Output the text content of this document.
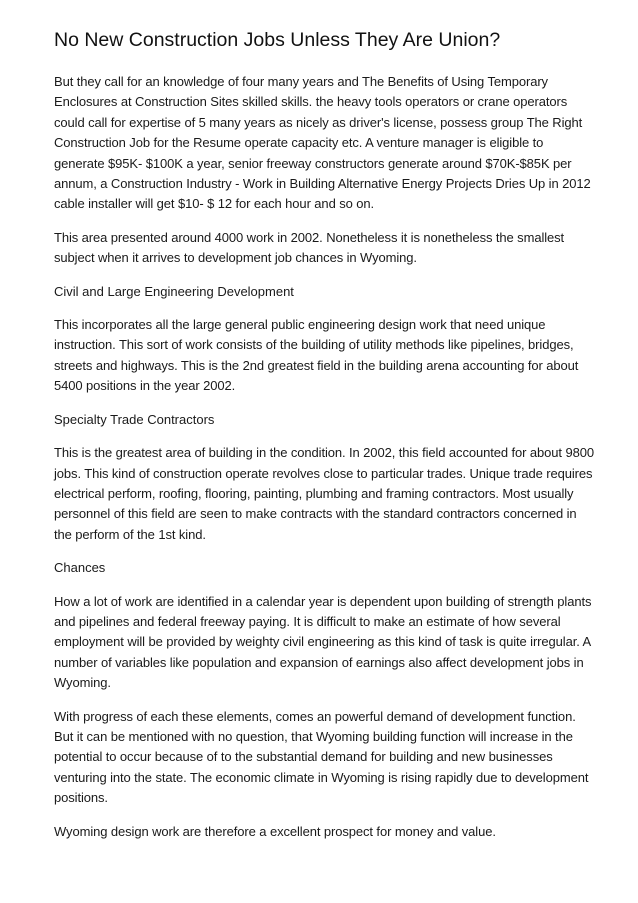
No New Construction Jobs Unless They Are Union?

But they call for an knowledge of four many years and The Benefits of Using Temporary Enclosures at Construction Sites skilled skills. the heavy tools operators or crane operators could call for expertise of 5 many years as nicely as driver's license, possess group The Right Construction Job for the Resume operate capacity etc. A venture manager is eligible to generate $95K- $100K a year, senior freeway constructors generate around $70K-$85K per annum, a Construction Industry - Work in Building Alternative Energy Projects Dries Up in 2012 cable installer will get $10- $ 12 for each hour and so on.

This area presented around 4000 work in 2002. Nonetheless it is nonetheless the smallest subject when it arrives to development job chances in Wyoming.

Civil and Large Engineering Development

This incorporates all the large general public engineering design work that need unique instruction. This sort of work consists of the building of utility methods like pipelines, bridges, streets and highways. This is the 2nd greatest field in the building arena accounting for about 5400 positions in the year 2002.

Specialty Trade Contractors

This is the greatest area of building in the condition. In 2002, this field accounted for about 9800 jobs. This kind of construction operate revolves close to particular trades. Unique trade requires electrical perform, roofing, flooring, painting, plumbing and framing contractors. Most usually personnel of this field are seen to make contracts with the standard contractors concerned in the perform of the 1st kind.

Chances

How a lot of work are identified in a calendar year is dependent upon building of strength plants and pipelines and federal freeway paying. It is difficult to make an estimate of how several employment will be provided by weighty civil engineering as this kind of task is quite irregular. A number of variables like population and expansion of earnings also affect development jobs in Wyoming.

With progress of each these elements, comes an powerful demand of development function. But it can be mentioned with no question, that Wyoming building function will increase in the potential to occur because of to the substantial demand for building and new businesses venturing into the state. The economic climate in Wyoming is rising rapidly due to development positions.

Wyoming design work are therefore a excellent prospect for money and value.
